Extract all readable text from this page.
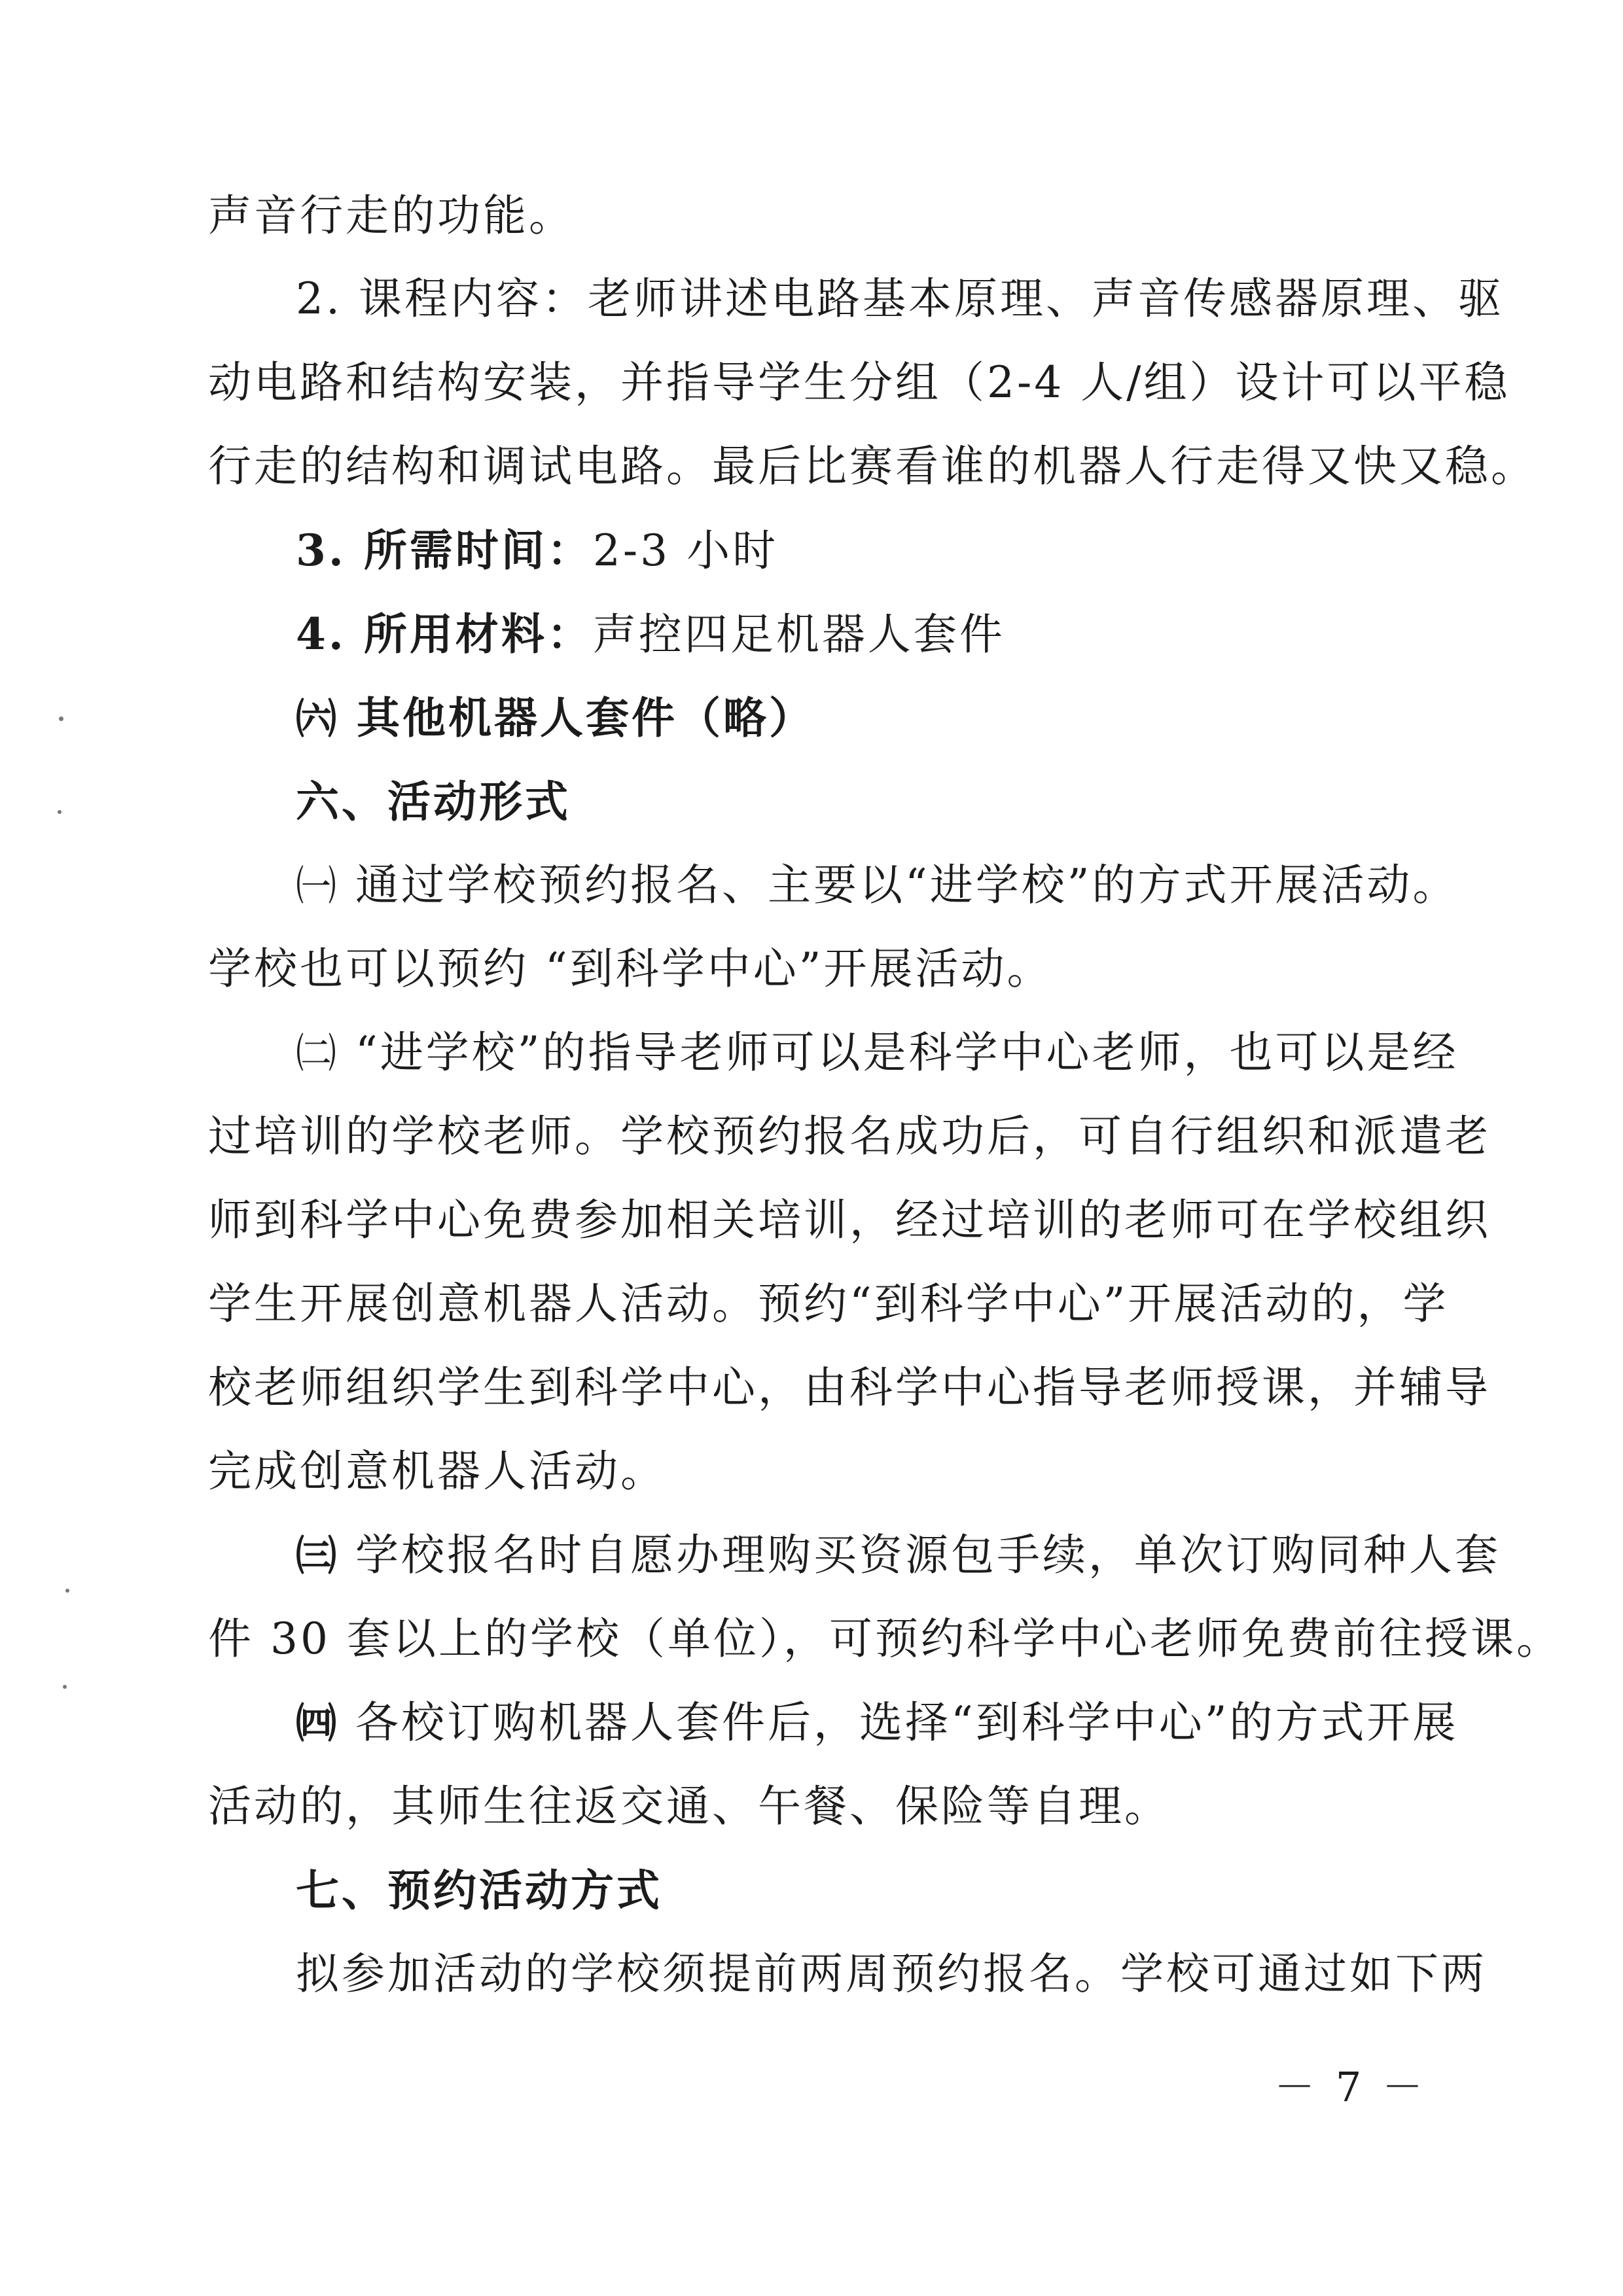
声音行走的功能。
2. 课程内容：老师讲述电路基本原理、声音传感器原理、驱
动电路和结构安装，并指导学生分组（2-4 人/组）设计可以平稳
行走的结构和调试电路。最后比赛看谁的机器人行走得又快又稳。
3. 所需时间：2-3 小时
4. 所用材料：声控四足机器人套件
㈥ 其他机器人套件（略）
六、活动形式
㈠ 通过学校预约报名、主要以“进学校”的方式开展活动。
学校也可以预约 “到科学中心”开展活动。
㈡ “进学校”的指导老师可以是科学中心老师，也可以是经
过培训的学校老师。学校预约报名成功后，可自行组织和派遣老
师到科学中心免费参加相关培训，经过培训的老师可在学校组织
学生开展创意机器人活动。预约“到科学中心”开展活动的，学
校老师组织学生到科学中心，由科学中心指导老师授课，并辅导
完成创意机器人活动。
㈢ 学校报名时自愿办理购买资源包手续，单次订购同种人套
件 30 套以上的学校（单位），可预约科学中心老师免费前往授课。
㈣ 各校订购机器人套件后，选择“到科学中心”的方式开展
活动的，其师生往返交通、午餐、保险等自理。
七、预约活动方式
拟参加活动的学校须提前两周预约报名。学校可通过如下两
－ 7 －
